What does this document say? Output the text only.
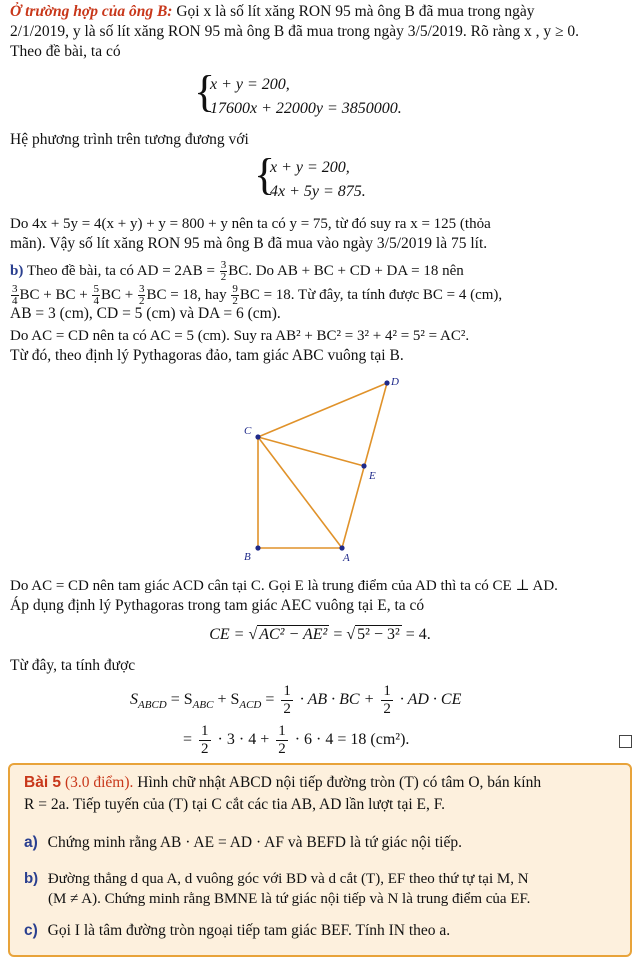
Ở trường hợp của ông B: Gọi x là số lít xăng RON 95 mà ông B đã mua trong ngày
2/1/2019, y là số lít xăng RON 95 mà ông B đã mua trong ngày 3/5/2019. Rõ ràng x , y ≥ 0.
Theo đề bài, ta có
{
x + y = 200,
17600x + 22000y = 3850000.
Hệ phương trình trên tương đương với
{
x + y = 200,
4x + 5y = 875.
Do 4x + 5y = 4(x + y) + y = 800 + y nên ta có y = 75, từ đó suy ra x = 125 (thỏa
mãn). Vậy số lít xăng RON 95 mà ông B đã mua vào ngày 3/5/2019 là 75 lít.
b) Theo đề bài, ta có AD = $2AB = \frac{3}{2}$ BC. Do AB + BC + CD + DA = 18 nên
$\frac{3}{4}$ BC + BC + $\frac{5}{4}$ BC + $\frac{3}{2}$ BC = 18, hay $\frac{9}{2}$ BC = 18. Từ đây, ta tính được BC = 4 (cm),
AB = 3 (cm), CD = 5 (cm) và DA = 6 (cm).
Do AC = CD nên ta có AC = 5 (cm). Suy ra AB² + BC² = 3² + 4² = 5² = AC².
Từ đó, theo định lý Pythagoras đảo, tam giác ABC vuông tại B.
B	A
C
D
E
Do AC = CD nên tam giác ACD cân tại C. Gọi E là trung điểm của AD thì ta có CE ⊥ AD.
Áp dụng định lý Pythagoras trong tam giác AEC vuông tại E, ta có
CE = √ AC² − AE² = √ 5² − 3² = 4.
Từ đây, ta tính được
$S_{ABCD} = S_{ABC} + S_{ACD} = \frac{1}{2}$ · AB · BC + $\frac{1}{2}$ · AD · CE
= $\frac{1}{2} \cdot 3 \cdot 4 + \frac{1}{2} \cdot 6 \cdot 4 = 18$ (cm²).
Bài 5 (3.0 điểm). Hình chữ nhật ABCD nội tiếp đường tròn (T) có tâm O, bán kính
R = 2a. Tiếp tuyến của (T) tại C cắt các tia AB, AD lần lượt tại E, F.
a) Chứng minh rằng AB · AE = AD · AF và BEFD là tứ giác nội tiếp.
b) Đường thẳng d qua A, d vuông góc với BD và d cắt (T), EF theo thứ tự tại M, N
(M ≠ A). Chứng minh rằng BMNE là tứ giác nội tiếp và N là trung điểm của EF.
c) Gọi I là tâm đường tròn ngoại tiếp tam giác BEF. Tính IN theo a.
